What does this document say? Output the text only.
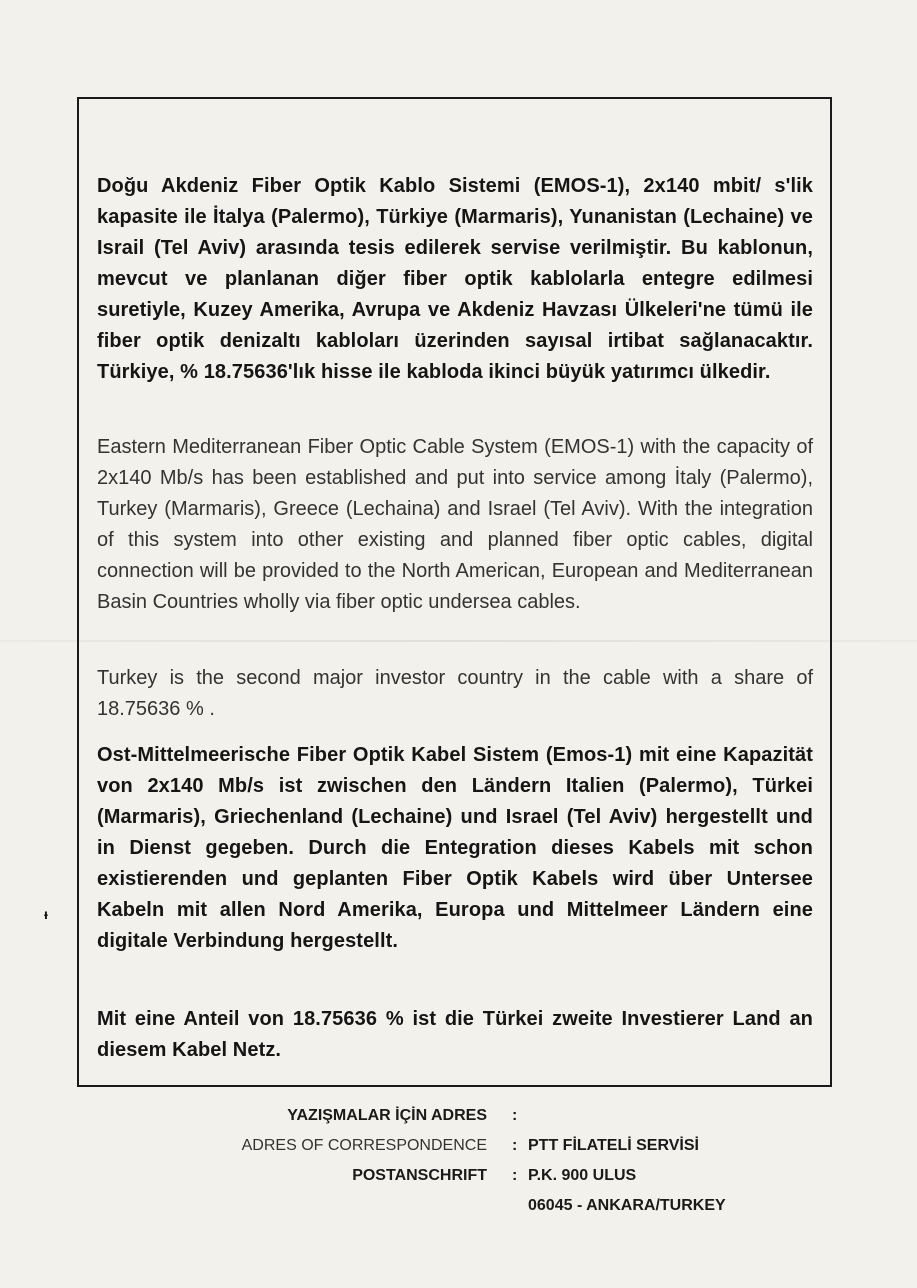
Doğu Akdeniz Fiber Optik Kablo Sistemi (EMOS-1), 2x140 mbit/ s'lik kapasite ile İtalya (Palermo), Türkiye (Marmaris), Yunanistan (Lechaine) ve Israil (Tel Aviv) arasında tesis edilerek servise verilmiştir. Bu kablonun, mevcut ve planlanan diğer fiber optik kablolarla entegre edilmesi suretiyle, Kuzey Amerika, Avrupa ve Akdeniz Havzası Ülkeleri'ne tümü ile fiber optik denizaltı kabloları üzerinden sayısal irtibat sağlanacaktır. Türkiye, % 18.75636'lık hisse ile kabloda ikinci büyük yatırımcı ülkedir.

Eastern Mediterranean Fiber Optic Cable System (EMOS-1) with the capacity of 2x140 Mb/s has been established and put into service among İtaly (Palermo), Turkey (Marmaris), Greece (Lechaina) and Israel (Tel Aviv). With the integration of this system into other existing and planned fiber optic cables, digital connection will be provided to the North American, European and Mediterranean Basin Countries wholly via fiber optic undersea cables.

Turkey is the second major investor country in the cable with a share of 18.75636 % .

Ost-Mittelmeerische Fiber Optik Kabel Sistem (Emos-1) mit eine Kapazität von 2x140 Mb/s ist zwischen den Ländern Italien (Palermo), Türkei (Marmaris), Griechenland (Lechaine) und Israel (Tel Aviv) hergestellt und in Dienst gegeben. Durch die Entegration dieses Kabels mit schon existierenden und geplanten Fiber Optik Kabels wird über Untersee Kabeln mit allen Nord Amerika, Europa und Mittelmeer Ländern eine digitale Verbindung hergestellt.

Mit eine Anteil von 18.75636 % ist die Türkei zweite Investierer Land an diesem Kabel Netz.

ᵻ
YAZIŞMALAR İÇİN ADRES
ADRES OF CORRESPONDENCE
POSTANSCHRIFT
:
:
:
PTT FİLATELİ SERVİSİ
P.K. 900 ULUS
06045 - ANKARA/TURKEY
